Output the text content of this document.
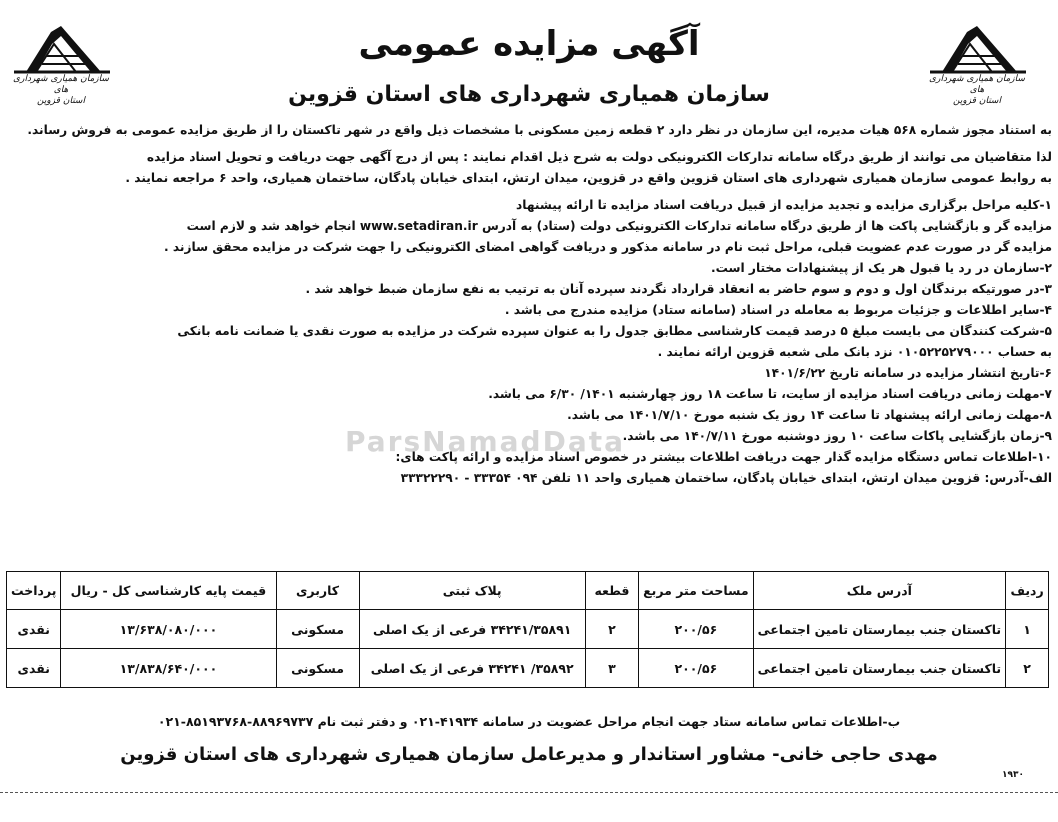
سازمان همیاری شهرداری های
استان قزوین
سازمان همیاری شهرداری های
استان قزوین
آگهی مزایده عمومی
سازمان همیاری شهرداری های استان قزوین
ParsNamadData
به استناد مجوز شماره ۵۶۸ هیات مدیره، این سازمان در نظر دارد ۲ قطعه زمین مسکونی با مشخصات ذیل واقع در شهر تاکستان را از طریق مزایده عمومی به فروش رساند.
لذا متقاضیان می توانند از طریق درگاه سامانه تدارکات الکترونیکی دولت به شرح ذیل اقدام نمایند : پس از درج آگهی جهت دریافت و تحویل اسناد مزایده
به روابط عمومی سازمان همیاری شهرداری های استان قزوین واقع در قزوین، میدان ارتش، ابتدای خیابان پادگان، ساختمان همیاری، واحد ۶ مراجعه نمایند .
۱-کلیه مراحل برگزاری مزایده و تجدید مزایده از قبیل دریافت اسناد مزایده تا ارائه پیشنهاد
مزایده گر و بازگشایی پاکت ها از طریق درگاه سامانه تدارکات الکترونیکی دولت (ستاد) به آدرس www.setadiran.ir انجام خواهد شد و لازم است
مزایده گر در صورت عدم عضویت قبلی، مراحل ثبت نام در سامانه مذکور و دریافت گواهی امضای الکترونیکی را جهت شرکت در مزایده محقق سازند .
۲-سازمان در رد یا قبول هر یک از پیشنهادات مختار است.
۳-در صورتیکه برندگان اول و دوم و سوم حاضر به انعقاد قرارداد نگردند سپرده آنان به ترتیب به نفع سازمان ضبط خواهد شد .
۴-سایر اطلاعات و جزئیات مربوط به معامله در اسناد (سامانه ستاد) مزایده مندرج می باشد .
۵-شرکت کنندگان می بایست مبلغ ۵ درصد قیمت کارشناسی مطابق جدول را به عنوان سپرده شرکت در مزایده به صورت نقدی یا ضمانت نامه بانکی
به حساب ۰۱۰۵۲۲۵۲۷۹۰۰۰ نزد بانک ملی شعبه قزوین ارائه نمایند .
۶-تاریخ انتشار مزایده در سامانه تاریخ ۱۴۰۱/۶/۲۲
۷-مهلت زمانی دریافت اسناد مزایده از سایت، تا ساعت ۱۸ روز چهارشنبه ۱۴۰۱/ ۶/۳۰ می باشد.
۸-مهلت زمانی ارائه پیشنهاد تا ساعت ۱۴ روز یک شنبه مورخ ۱۴۰۱/۷/۱۰ می باشد.
۹-زمان بازگشایی پاکات ساعت ۱۰ روز دوشنبه مورخ ۱۴۰/۷/۱۱ می باشد.
۱۰-اطلاعات تماس دستگاه مزایده گذار جهت دریافت اطلاعات بیشتر در خصوص اسناد مزایده و ارائه پاکت های:
الف-آدرس: قزوین میدان ارتش، ابتدای خیابان پادگان، ساختمان همیاری واحد ۱۱ تلفن ۰۹۴ ۳۳۳۵۴ - ۳۳۳۲۲۲۹۰
ردیف	آدرس ملک	مساحت متر مربع	قطعه	پلاک ثبتی	کاربری	قیمت پایه کارشناسی کل - ریال	پرداخت
۱	تاکستان جنب بیمارستان تامین اجتماعی	۲۰۰/۵۶	۲	۳۴۲۴۱/۳۵۸۹۱ فرعی از یک اصلی	مسکونی	۱۳/۶۳۸/۰۸۰/۰۰۰	نقدی
۲	تاکستان جنب بیمارستان تامین اجتماعی	۲۰۰/۵۶	۳	۳۵۸۹۲/ ۳۴۲۴۱ فرعی از یک اصلی	مسکونی	۱۳/۸۳۸/۶۴۰/۰۰۰	نقدی
ب-اطلاعات تماس سامانه ستاد جهت انجام مراحل عضویت در سامانه ۴۱۹۳۴-۰۲۱ و دفتر ثبت نام ۸۸۹۶۹۷۳۷-۸۵۱۹۳۷۶۸-۰۲۱
مهدی حاجی خانی- مشاور استاندار و مدیرعامل سازمان همیاری شهرداری های استان قزوین
۱۹۳۰
